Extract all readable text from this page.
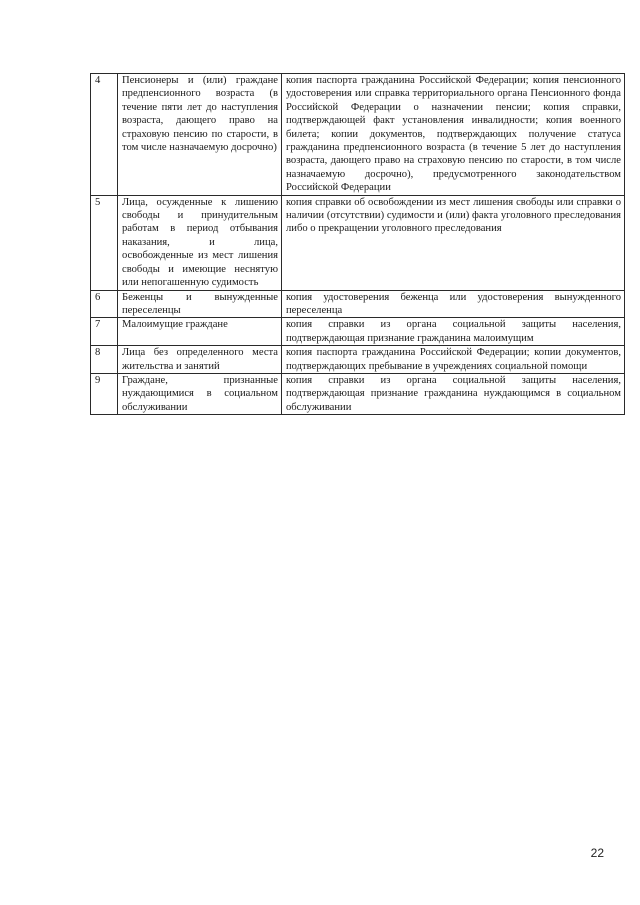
4	Пенсионеры и (или) граждане предпенсионного возраста (в течение пяти лет до наступления возраста, дающего право на страховую пенсию по старости, в том числе назначаемую досрочно)	копия паспорта гражданина Российской Федерации; копия пенсионного удостоверения или справка территориального органа Пенсионного фонда Российской Федерации о назначении пенсии; копия справки, подтверждающей факт установления инвалидности; копия военного билета; копии документов, подтверждающих получение статуса гражданина предпенсионного возраста (в течение 5 лет до наступления возраста, дающего право на страховую пенсию по старости, в том числе назначаемую досрочно), предусмотренного законодательством Российской Федерации
5	Лица, осужденные к лишению свободы и принудительным работам в период отбывания наказания, и лица, освобожденные из мест лишения свободы и имеющие неснятую или непогашенную судимость	копия справки об освобождении из мест лишения свободы или справки о наличии (отсутствии) судимости и (или) факта уголовного преследования либо о прекращении уголовного преследования
6	Беженцы и вынужденные переселенцы	копия удостоверения беженца или удостоверения вынужденного переселенца
7	Малоимущие граждане	копия справки из органа социальной защиты населения, подтверждающая признание гражданина малоимущим
8	Лица без определенного места жительства и занятий	копия паспорта гражданина Российской Федерации; копии документов, подтверждающих пребывание в учреждениях социальной помощи
9	Граждане, признанные нуждающимися в социальном обслуживании	копия справки из органа социальной защиты населения, подтверждающая признание гражданина нуждающимся в социальном обслуживании
22
